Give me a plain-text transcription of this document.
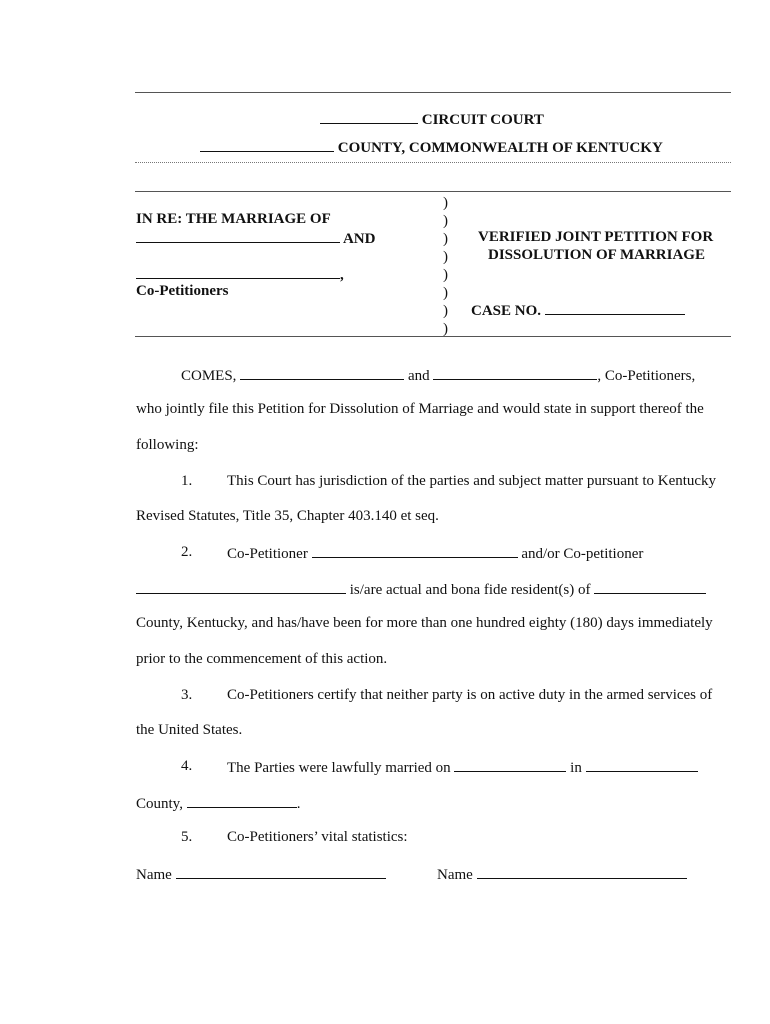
CIRCUIT COURT
COUNTY, COMMONWEALTH OF KENTUCKY
IN RE: THE MARRIAGE OF
AND
,
Co-Petitioners
)
)
)
)
)
)
)
)
VERIFIED JOINT PETITION FOR
DISSOLUTION OF MARRIAGE
CASE NO.
COMES,	and	, Co-Petitioners,
who jointly file this Petition for Dissolution of Marriage and would state in support thereof the
following:
1. This Court has jurisdiction of the parties and subject matter pursuant to Kentucky
Revised Statutes, Title 35, Chapter 403.140 et seq.
2. Co-Petitioner	and/or Co-petitioner
is/are actual and bona fide resident(s) of
County, Kentucky, and has/have been for more than one hundred eighty (180) days immediately
prior to the commencement of this action.
3. Co-Petitioners certify that neither party is on active duty in the armed services of
the United States.
4. The Parties were lawfully married on	in
County,	.
5. Co-Petitioners’ vital statistics:
Name	Name
